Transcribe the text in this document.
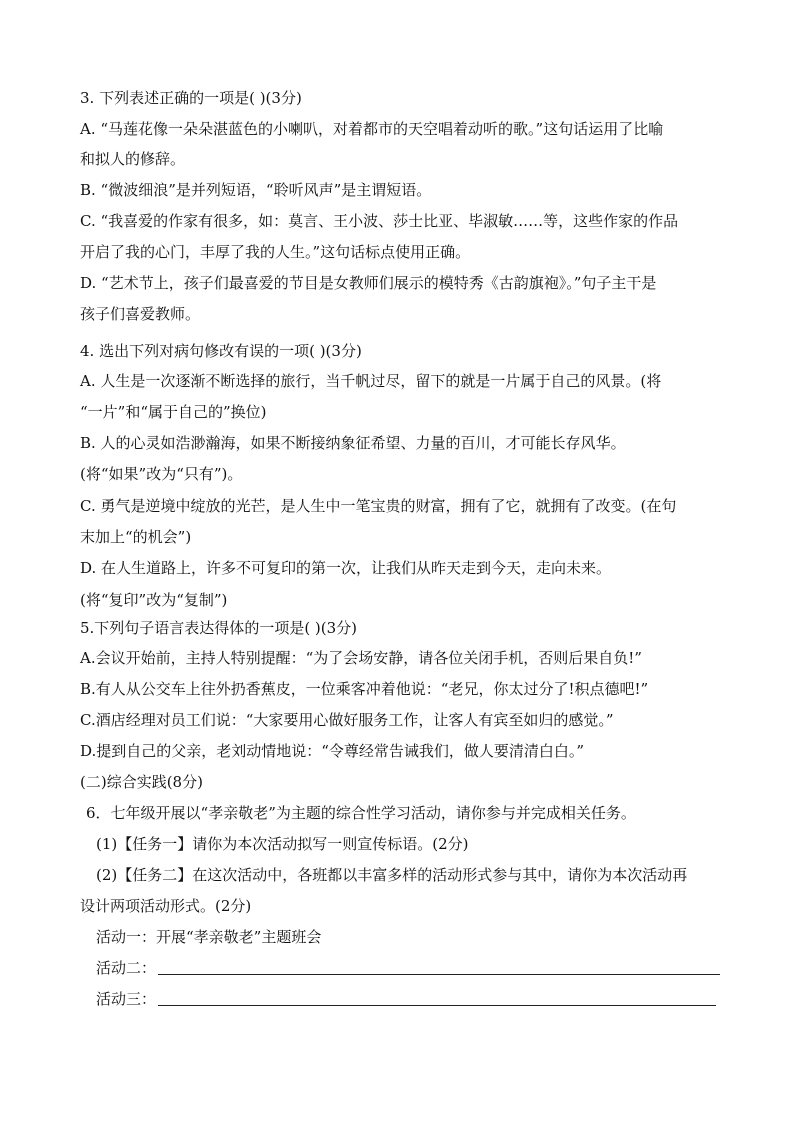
3. 下列表述正确的一项是( )(3分)
A. “马莲花像一朵朵湛蓝色的小喇叭，对着都市的天空唱着动听的歌。”这句话运用了比喻
和拟人的修辞。
B. “微波细浪”是并列短语，“聆听风声”是主谓短语。
C. “我喜爱的作家有很多，如：莫言、王小波、莎士比亚、毕淑敏……等，这些作家的作品
开启了我的心门，丰厚了我的人生。”这句话标点使用正确。
D. “艺术节上，孩子们最喜爱的节目是女教师们展示的模特秀《古韵旗袍》。”句子主干是
孩子们喜爱教师。
4. 选出下列对病句修改有误的一项( )(3分)
A. 人生是一次逐渐不断选择的旅行，当千帆过尽，留下的就是一片属于自己的风景。(将
“一片”和“属于自己的”换位)
B. 人的心灵如浩渺瀚海，如果不断接纳象征希望、力量的百川，才可能长存风华。
(将“如果”改为“只有”)。
C. 勇气是逆境中绽放的光芒，是人生中一笔宝贵的财富，拥有了它，就拥有了改变。(在句
末加上“的机会”)
D. 在人生道路上，许多不可复印的第一次，让我们从昨天走到今天，走向未来。
(将“复印”改为“复制”)
5.下列句子语言表达得体的一项是( )(3分)
A.会议开始前，主持人特别提醒：“为了会场安静，请各位关闭手机，否则后果自负!”
B.有人从公交车上往外扔香蕉皮，一位乘客冲着他说：“老兄，你太过分了!积点德吧!”
C.酒店经理对员工们说：“大家要用心做好服务工作，让客人有宾至如归的感觉。”
D.提到自己的父亲，老刘动情地说：“令尊经常告诫我们，做人要清清白白。”
(二)综合实践(8分)
6．七年级开展以“孝亲敬老”为主题的综合性学习活动，请你参与并完成相关任务。
(1)【任务一】请你为本次活动拟写一则宣传标语。(2分)
(2)【任务二】在这次活动中，各班都以丰富多样的活动形式参与其中，请你为本次活动再
设计两项活动形式。(2分)
活动一：开展“孝亲敬老”主题班会
活动二：
活动三：
